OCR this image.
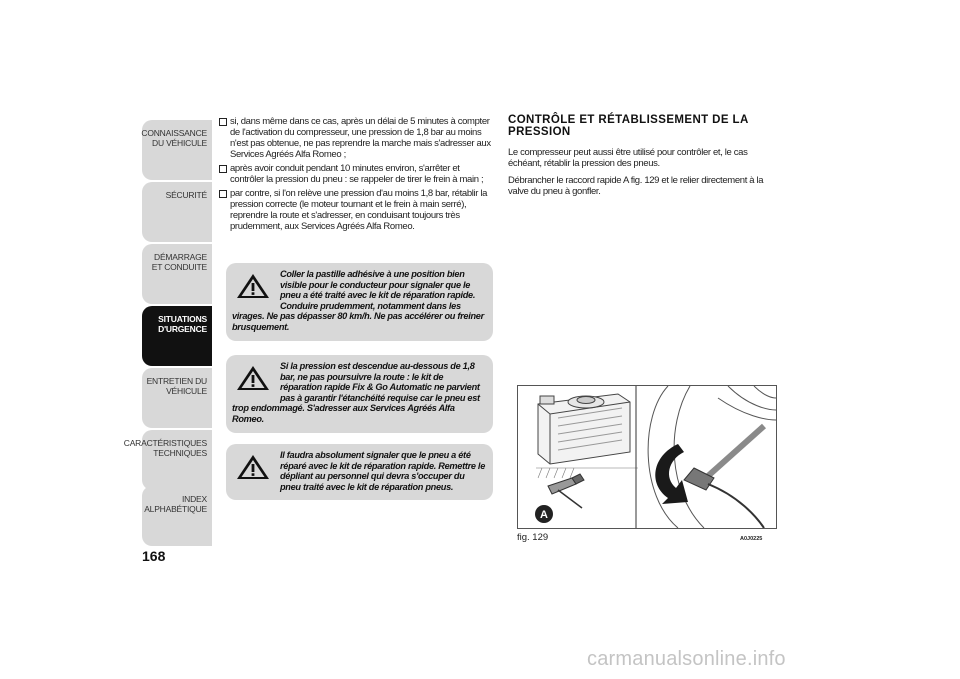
CONNAISSANCE DU VÉHICULE
SÉCURITÉ
DÉMARRAGE ET CONDUITE
SITUATIONS D'URGENCE
ENTRETIEN DU VÉHICULE
CARACTÉRISTIQUES TECHNIQUES
INDEX ALPHABÉTIQUE
168
si, dans même dans ce cas, après un délai de 5 minutes à compter de l'activation du compresseur, une pression de 1,8 bar au moins n'est pas obtenue, ne pas reprendre la marche mais s'adresser aux Services Agréés Alfa Romeo ;
après avoir conduit pendant 10 minutes environ, s'arrêter et contrôler la pression du pneu : se rappeler de tirer le frein à main ;
par contre, si l'on relève une pression d'au moins 1,8 bar, rétablir la pression correcte (le moteur tournant et le frein à main serré), reprendre la route et s'adresser, en conduisant toujours très prudemment, aux Services Agréés Alfa Romeo.
Coller la pastille adhésive à une position bien visible pour le conducteur pour signaler que le pneu a été traité avec le kit de réparation rapide. Conduire prudemment, notamment dans les virages. Ne pas dépasser 80 km/h. Ne pas accélérer ou freiner brusquement.
Si la pression est descendue au-dessous de 1,8 bar, ne pas poursuivre la route : le kit de réparation rapide Fix & Go Automatic ne parvient pas à garantir l'étanchéité requise car le pneu est trop endommagé. S'adresser aux Services Agréés Alfa Romeo.
Il faudra absolument signaler que le pneu a été réparé avec le kit de réparation rapide. Remettre le dépliant au personnel qui devra s'occuper du pneu traité avec le kit de réparation pneus.
CONTRÔLE ET RÉTABLISSEMENT DE LA PRESSION
Le compresseur peut aussi être utilisé pour contrôler et, le cas échéant, rétablir la pression des pneus.
Débrancher le raccord rapide A fig. 129 et le relier directement à la valve du pneu à gonfler.
A
fig. 129	A0J0225
carmanualsonline.info
